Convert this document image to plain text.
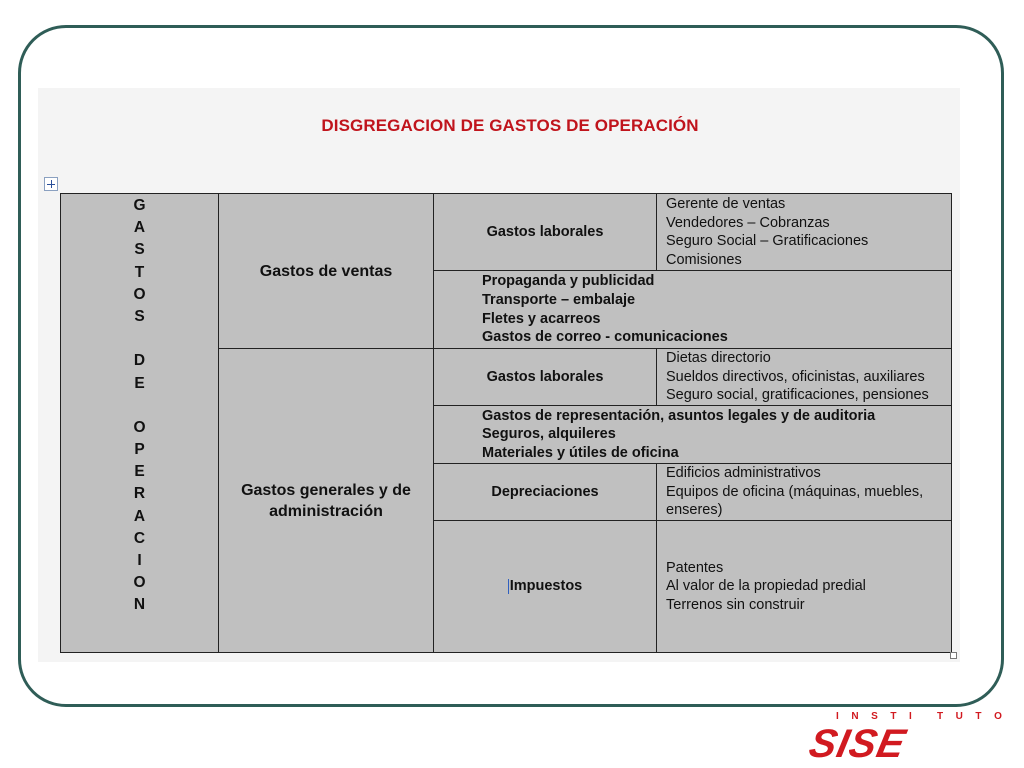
DISGREGACION DE GASTOS DE OPERACIÓN
G
A
S
T
O
S
D
E
O
P
E
R
A
C
I
O
N
Gastos de ventas
Gastos laborales
Gerente de ventas
Vendedores – Cobranzas
Seguro Social – Gratificaciones
Comisiones
Propaganda y publicidad
Transporte – embalaje
Fletes y acarreos
Gastos de correo - comunicaciones
Gastos generales y de administración
Gastos laborales
Dietas directorio
Sueldos directivos, oficinistas, auxiliares
Seguro social, gratificaciones, pensiones
Gastos de representación, asuntos legales y de auditoria
Seguros, alquileres
Materiales y útiles de oficina
Depreciaciones
Edificios administrativos
Equipos de oficina (máquinas, muebles,
enseres)
Impuestos
Patentes
Al valor de la propiedad predial
Terrenos sin construir
I N S T I	T U T O
SISE
